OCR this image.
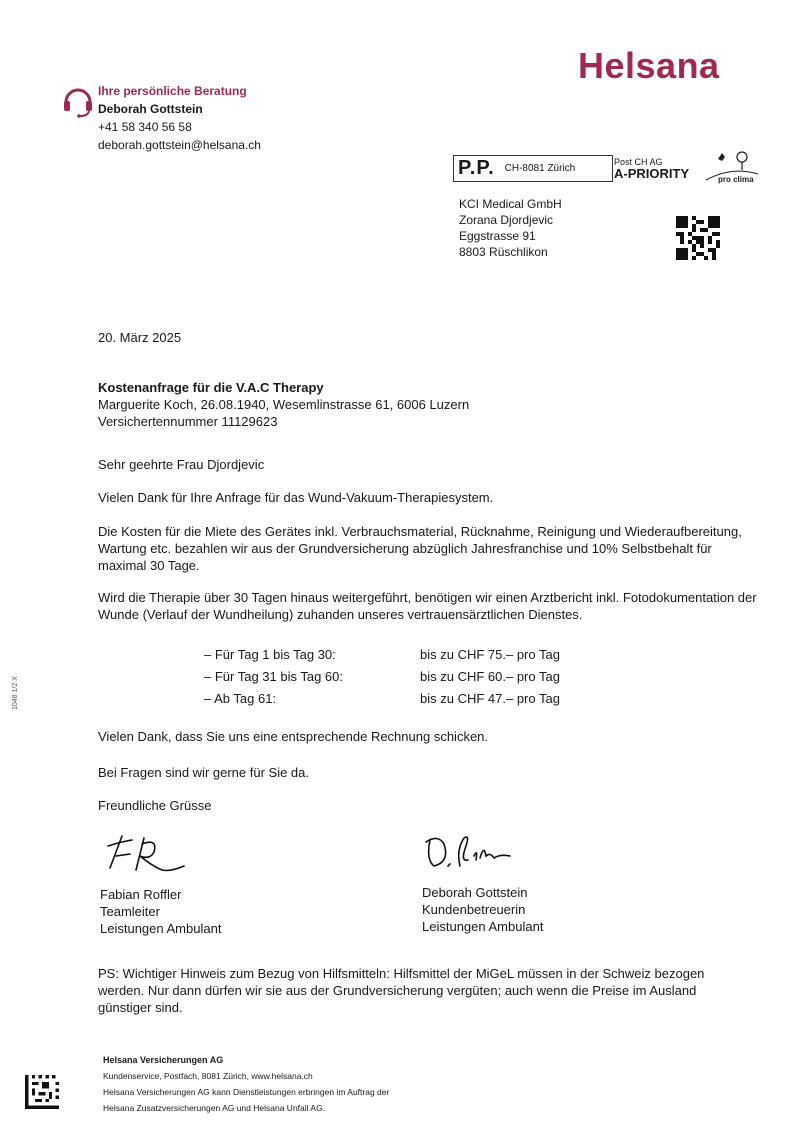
Helsana
Ihre persönliche Beratung
Deborah Gottstein
+41 58 340 56 58
deborah.gottstein@helsana.ch
P.P. CH-8081 Zürich
Post CH AG
A-PRIORITY	pro clima
KCI Medical GmbH
Zorana Djordjevic
Eggstrasse 91
8803 Rüschlikon
20. März 2025
Kostenanfrage für die V.A.C Therapy
Marguerite Koch, 26.08.1940, Wesemlinstrasse 61, 6006 Luzern
Versichertennummer 11129623
Sehr geehrte Frau Djordjevic
Vielen Dank für Ihre Anfrage für das Wund-Vakuum-Therapiesystem.
Die Kosten für die Miete des Gerätes inkl. Verbrauchsmaterial, Rücknahme, Reinigung und Wiederaufbereitung, Wartung etc. bezahlen wir aus der Grundversicherung abzüglich Jahresfranchise und 10% Selbstbehalt für maximal 30 Tage.
Wird die Therapie über 30 Tagen hinaus weitergeführt, benötigen wir einen Arztbericht inkl. Fotodokumentation der Wunde (Verlauf der Wundheilung) zuhanden unseres vertrauensärztlichen Dienstes.
– Für Tag 1 bis Tag 30:	bis zu CHF 75.– pro Tag
– Für Tag 31 bis Tag 60:	bis zu CHF 60.– pro Tag
– Ab Tag 61:	bis zu CHF 47.– pro Tag
Vielen Dank, dass Sie uns eine entsprechende Rechnung schicken.
Bei Fragen sind wir gerne für Sie da.
Freundliche Grüsse
Fabian Roffler
Teamleiter
Leistungen Ambulant
Deborah Gottstein
Kundenbetreuerin
Leistungen Ambulant
PS: Wichtiger Hinweis zum Bezug von Hilfsmitteln: Hilfsmittel der MiGeL müssen in der Schweiz bezogen werden. Nur dann dürfen wir sie aus der Grundversicherung vergüten; auch wenn die Preise im Ausland günstiger sind.
1048 1/2 X
Helsana Versicherungen AG
Kundenservice, Postfach, 8081 Zürich, www.helsana.ch
Helsana Versicherungen AG kann Dienstleistungen erbringen im Auftrag der
Helsana Zusatzversicherungen AG und Helsana Unfall AG.
